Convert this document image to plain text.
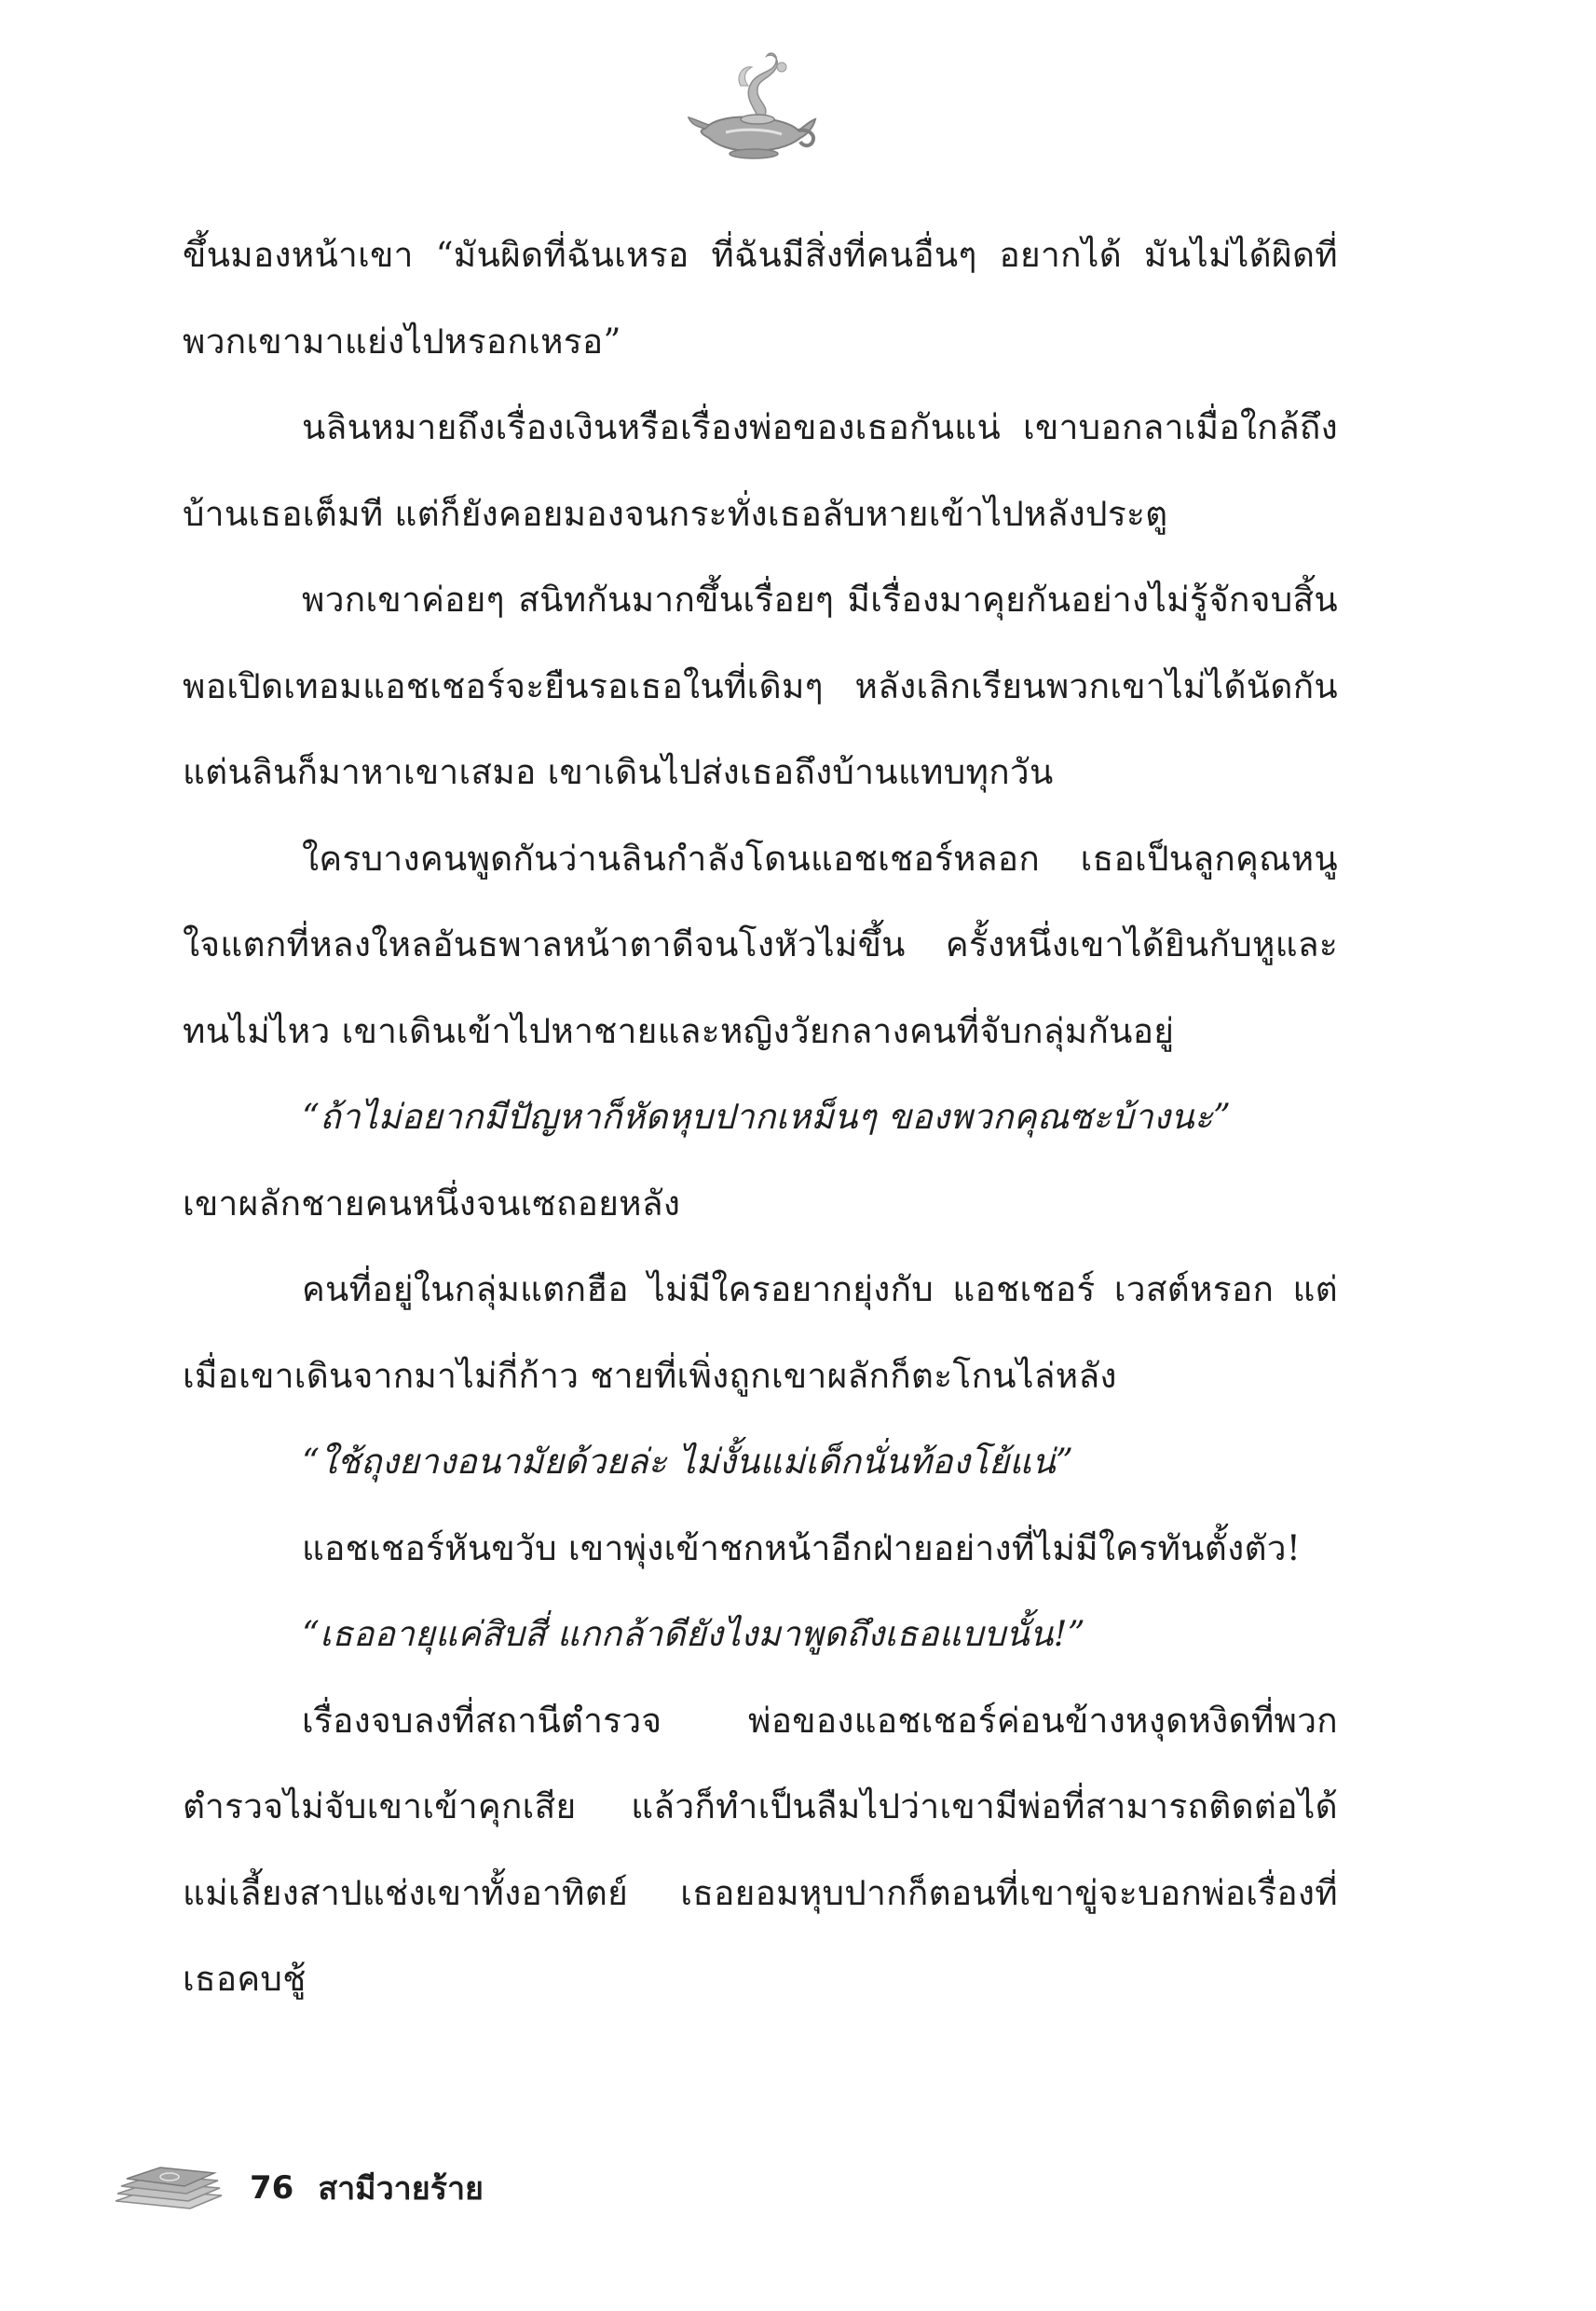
ขึ้นมองหน้าเขา “มันผิดที่ฉันเหรอ ที่ฉันมีสิ่งที่คนอื่นๆ อยากได้ มันไม่ได้ผิดที่พวกเขามาแย่งไปหรอกเหรอ”

นลินหมายถึงเรื่องเงินหรือเรื่องพ่อของเธอกันแน่ เขาบอกลาเมื่อใกล้ถึงบ้านเธอเต็มที แต่ก็ยังคอยมองจนกระทั่งเธอลับหายเข้าไปหลังประตู

พวกเขาค่อยๆ สนิทกันมากขึ้นเรื่อยๆ มีเรื่องมาคุยกันอย่างไม่รู้จักจบสิ้น พอเปิดเทอมแอชเชอร์จะยืนรอเธอในที่เดิมๆ หลังเลิกเรียนพวกเขาไม่ได้นัดกัน แต่นลินก็มาหาเขาเสมอ เขาเดินไปส่งเธอถึงบ้านแทบทุกวัน

ใครบางคนพูดกันว่านลินกำลังโดนแอชเชอร์หลอก เธอเป็นลูกคุณหนูใจแตกที่หลงใหลอันธพาลหน้าตาดีจนโงหัวไม่ขึ้น ครั้งหนึ่งเขาได้ยินกับหูและทนไม่ไหว เขาเดินเข้าไปหาชายและหญิงวัยกลางคนที่จับกลุ่มกันอยู่

“ถ้าไม่อยากมีปัญหาก็หัดหุบปากเหม็นๆ ของพวกคุณซะบ้างนะ”

เขาผลักชายคนหนึ่งจนเซถอยหลัง

คนที่อยู่ในกลุ่มแตกฮือ ไม่มีใครอยากยุ่งกับ แอชเชอร์ เวสต์หรอก แต่เมื่อเขาเดินจากมาไม่กี่ก้าว ชายที่เพิ่งถูกเขาผลักก็ตะโกนไล่หลัง

“ใช้ถุงยางอนามัยด้วยล่ะ ไม่งั้นแม่เด็กนั่นท้องโย้แน่”

แอชเชอร์หันขวับ เขาพุ่งเข้าชกหน้าอีกฝ่ายอย่างที่ไม่มีใครทันตั้งตัว!

“เธออายุแค่สิบสี่ แกกล้าดียังไงมาพูดถึงเธอแบบนั้น!”

เรื่องจบลงที่สถานีตำรวจ พ่อของแอชเชอร์ค่อนข้างหงุดหงิดที่พวกตำรวจไม่จับเขาเข้าคุกเสีย แล้วก็ทำเป็นลืมไปว่าเขามีพ่อที่สามารถติดต่อได้ แม่เลี้ยงสาปแช่งเขาทั้งอาทิตย์ เธอยอมหุบปากก็ตอนที่เขาขู่จะบอกพ่อเรื่องที่เธอคบชู้

76 สามีวายร้าย
